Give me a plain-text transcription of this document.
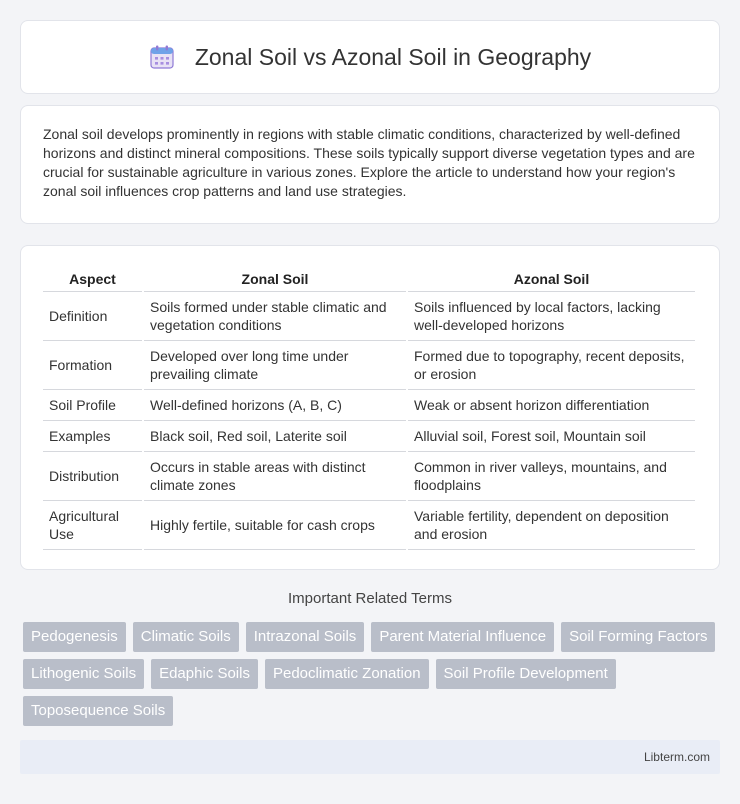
Zonal Soil vs Azonal Soil in Geography

Zonal soil develops prominently in regions with stable climatic conditions, characterized by well-defined horizons and distinct mineral compositions. These soils typically support diverse vegetation types and are crucial for sustainable agriculture in various zones. Explore the article to understand how your region's zonal soil influences crop patterns and land use strategies.

Aspect	Zonal Soil	Azonal Soil
Definition	Soils formed under stable climatic and vegetation conditions	Soils influenced by local factors, lacking well-developed horizons
Formation	Developed over long time under prevailing climate	Formed due to topography, recent deposits, or erosion
Soil Profile	Well-defined horizons (A, B, C)	Weak or absent horizon differentiation
Examples	Black soil, Red soil, Laterite soil	Alluvial soil, Forest soil, Mountain soil
Distribution	Occurs in stable areas with distinct climate zones	Common in river valleys, mountains, and floodplains
Agricultural Use	Highly fertile, suitable for cash crops	Variable fertility, dependent on deposition and erosion
Important Related Terms
Pedogenesis	Climatic Soils	Intrazonal Soils	Parent Material Influence	Soil Forming Factors
Lithogenic Soils	Edaphic Soils	Pedoclimatic Zonation	Soil Profile Development
Toposequence Soils
Libterm.com
